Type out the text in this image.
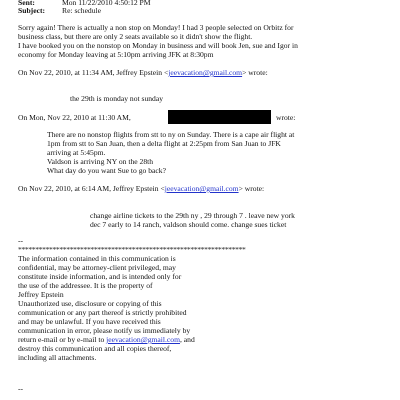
Sent:	Mon 11/22/2010 4:50:12 PM
Subject: Re: schedule
Sorry again! There is actually a non stop on Monday! I had 3 people selected on Orbitz for
business class, but there are only 2 seats available so it didn't show the flight.
I have booked you on the nonstop on Monday in business and will book Jen, suе and Igor in
economy for Monday leaving at 5:10pm arriving JFK at 8:30pm
On Nov 22, 2010, at 11:34 AM, Jeffrey Epstein <jeevacation@gmail.com> wrote:
the 29th is monday not sunday
On Mon, Nov 22, 2010 at 11:30 AM,	wrote:
There are no nonstop flights from stt to ny on Sunday. There is a cape air flight at
1pm from stt to San Juan, then a delta flight at 2:25pm from San Juan to JFK
arriving at 5:45pm.
Valdson is arriving NY on the 28th
What day do you want Sue to go back?
On Nov 22, 2010, at 6:14 AM, Jeffrey Epstein <jeevacation@gmail.com> wrote:
change airline tickets to the 29th ny , 29 through 7 . leave new york
dec 7 early to 14 ranch, valdson should come. change sues ticket
--
******************************************************************
The information contained in this communication is
confidential, may be attorney-client privileged, may
constitute inside information, and is intended only for
the use of the addressee. It is the property of
Jeffrey Epstein
Unauthorized use, disclosure or copying of this
communication or any part thereof is strictly prohibited
and may be unlawful. If you have received this
communication in error, please notify us immediately by
return e-mail or by e-mail to jeevacation@gmail.com, and
destroy this communication and all copies thereof,
including all attachments.
--
